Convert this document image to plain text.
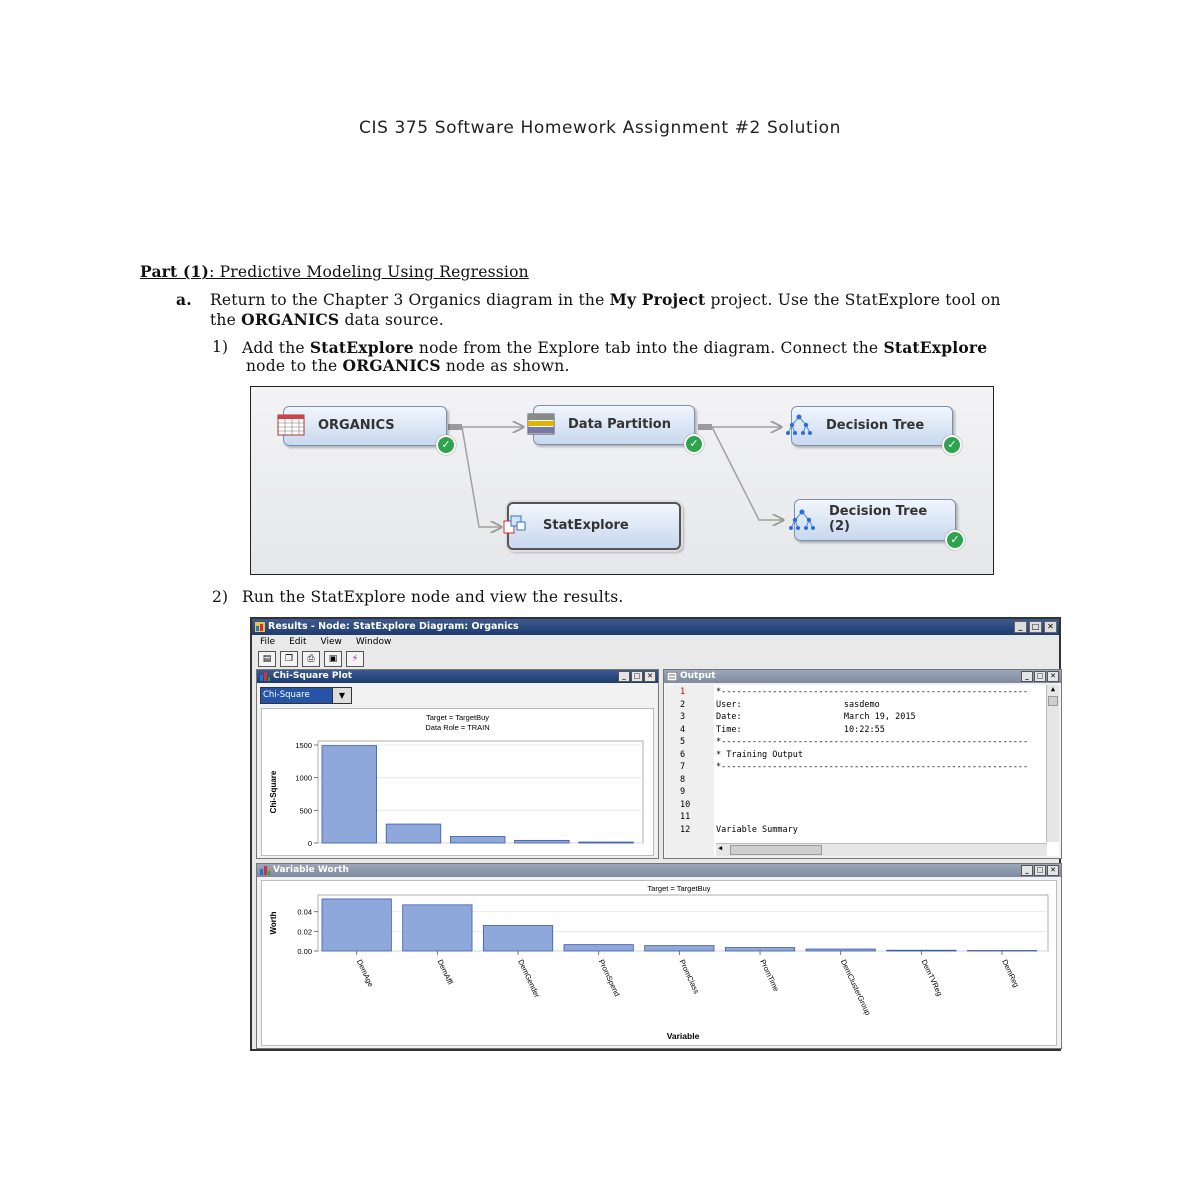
CIS 375 Software Homework Assignment #2 Solution
Part (1): Predictive Modeling Using Regression
a. Return to the Chapter 3 Organics diagram in the My Project project. Use the StatExplore tool on
the ORGANICS data source.
1) Add the StatExplore node from the Explore tab into the diagram. Connect the StatExplore
node to the ORGANICS node as shown.
ORGANICS
✓
Data Partition
✓
Decision Tree
✓
StatExplore
Decision Tree
(2)
✓
2) Run the StatExplore node and view the results.
Results - Node: StatExplore Diagram: Organics	_	□ ✕
File Edit View Window
▤	❐	⎙	▣	⚡
Chi-Square Plot	_	□ ✕
Chi-Square	▼
Target = TargetBuy
Data Role = TRAIN
0
500
1000
1500
Chi-Square
Output	_	□ ✕
1
2
3
4
5
6
7
8
9
10
11
12
*------------------------------------------------------------
User:                    sasdemo
Date:                    March 19, 2015
Time:                    10:22:55
*------------------------------------------------------------
* Training Output
*------------------------------------------------------------
Variable Summary
▲
◀
Variable Worth	_	□ ✕
Target = TargetBuy
0.00
0.02
0.04
Worth
DemAge	DemAffl	DemGender	PromSpend	PromClass	PromTime	DemClusterGroup	DemTVReg	DemReg
Variable
